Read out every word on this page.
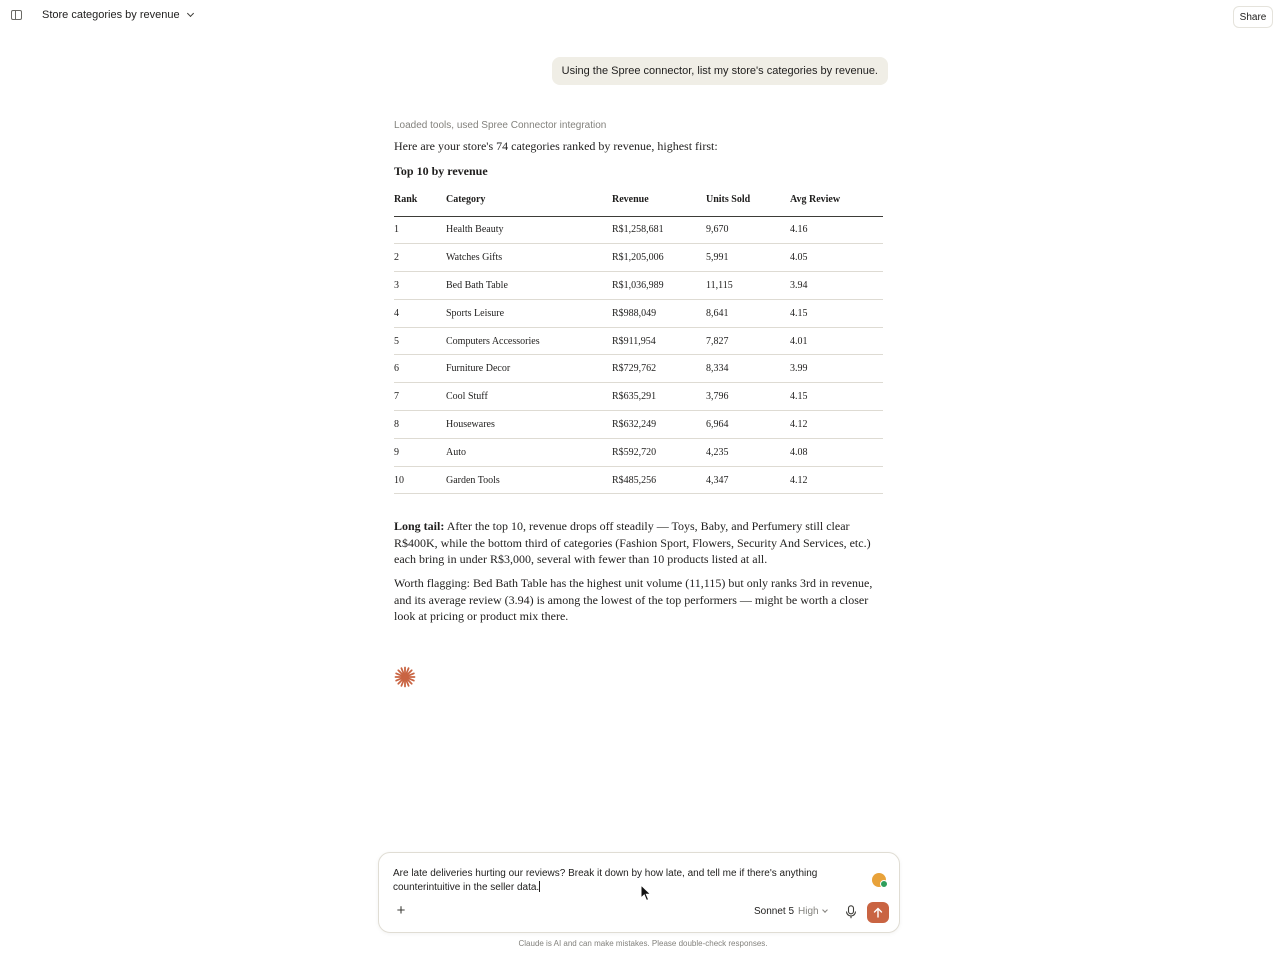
Store categories by revenue	Share
Using the Spree connector, list my store's categories by revenue.
Loaded tools, used Spree Connector integration
Here are your store's 74 categories ranked by revenue, highest first:
Top 10 by revenue
Rank	Category	Revenue	Units Sold	Avg Review
1	Health Beauty	R$1,258,681	9,670	4.16
2	Watches Gifts	R$1,205,006	5,991	4.05
3	Bed Bath Table	R$1,036,989	11,115	3.94
4	Sports Leisure	R$988,049	8,641	4.15
5	Computers Accessories	R$911,954	7,827	4.01
6	Furniture Decor	R$729,762	8,334	3.99
7	Cool Stuff	R$635,291	3,796	4.15
8	Housewares	R$632,249	6,964	4.12
9	Auto	R$592,720	4,235	4.08
10	Garden Tools	R$485,256	4,347	4.12

Long tail: After the top 10, revenue drops off steadily — Toys, Baby, and Perfumery still clear R$400K, while the bottom third of categories (Fashion Sport, Flowers, Security And Services, etc.) each bring in under R$3,000, several with fewer than 10 products listed at all.

Worth flagging: Bed Bath Table has the highest unit volume (11,115) but only ranks 3rd in revenue, and its average review (3.94) is among the lowest of the top performers — might be worth a closer look at pricing or product mix there.

Are late deliveries hurting our reviews? Break it down by how late, and tell me if there's anything counterintuitive in the seller data.
+	Sonnet 5 High
Claude is AI and can make mistakes. Please double-check responses.
